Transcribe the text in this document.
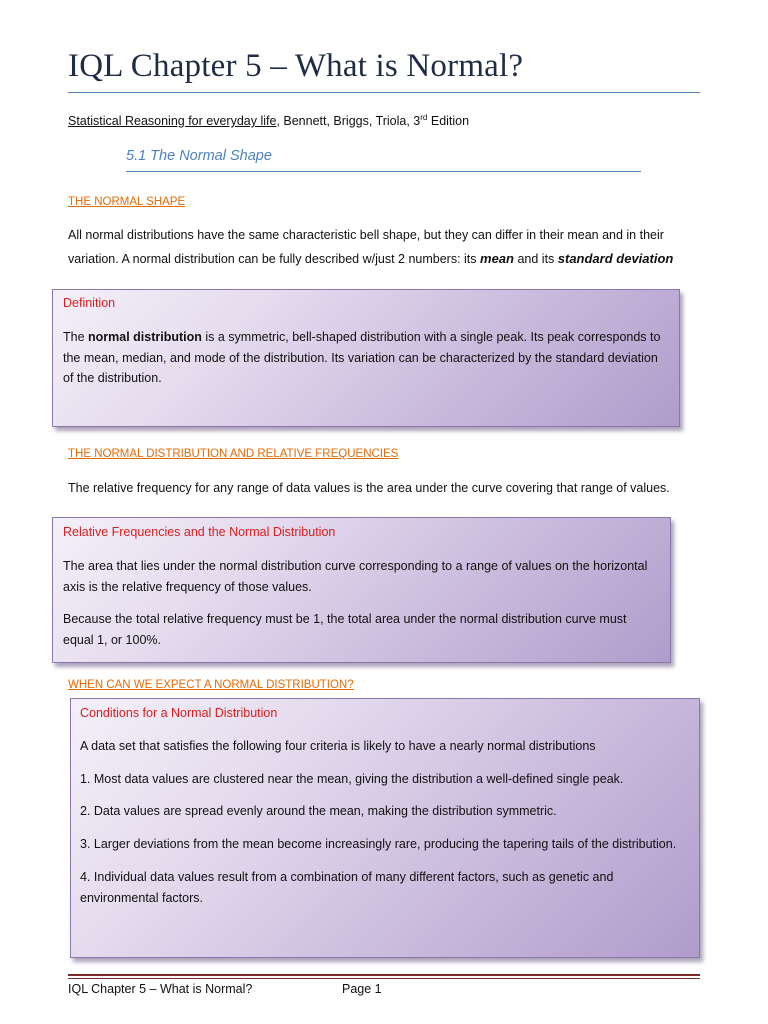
IQL Chapter 5 – What is Normal?
Statistical Reasoning for everyday life, Bennett, Briggs, Triola, 3rd Edition
5.1 The Normal Shape
THE NORMAL SHAPE
All normal distributions have the same characteristic bell shape, but they can differ in their mean and in their variation. A normal distribution can be fully described w/just 2 numbers: its mean and its standard deviation
Definition
The normal distribution is a symmetric, bell-shaped distribution with a single peak. Its peak corresponds to the mean, median, and mode of the distribution. Its variation can be characterized by the standard deviation of the distribution.
THE NORMAL DISTRIBUTION AND RELATIVE FREQUENCIES
The relative frequency for any range of data values is the area under the curve covering that range of values.
Relative Frequencies and the Normal Distribution
The area that lies under the normal distribution curve corresponding to a range of values on the horizontal axis is the relative frequency of those values.
Because the total relative frequency must be 1, the total area under the normal distribution curve must equal 1, or 100%.
WHEN CAN WE EXPECT A NORMAL DISTRIBUTION?
Conditions for a Normal Distribution
A data set that satisfies the following four criteria is likely to have a nearly normal distributions
1. Most data values are clustered near the mean, giving the distribution a well-defined single peak.
2. Data values are spread evenly around the mean, making the distribution symmetric.
3. Larger deviations from the mean become increasingly rare, producing the tapering tails of the distribution.
4. Individual data values result from a combination of many different factors, such as genetic and environmental factors.
IQL Chapter 5 – What is Normal?	Page 1
